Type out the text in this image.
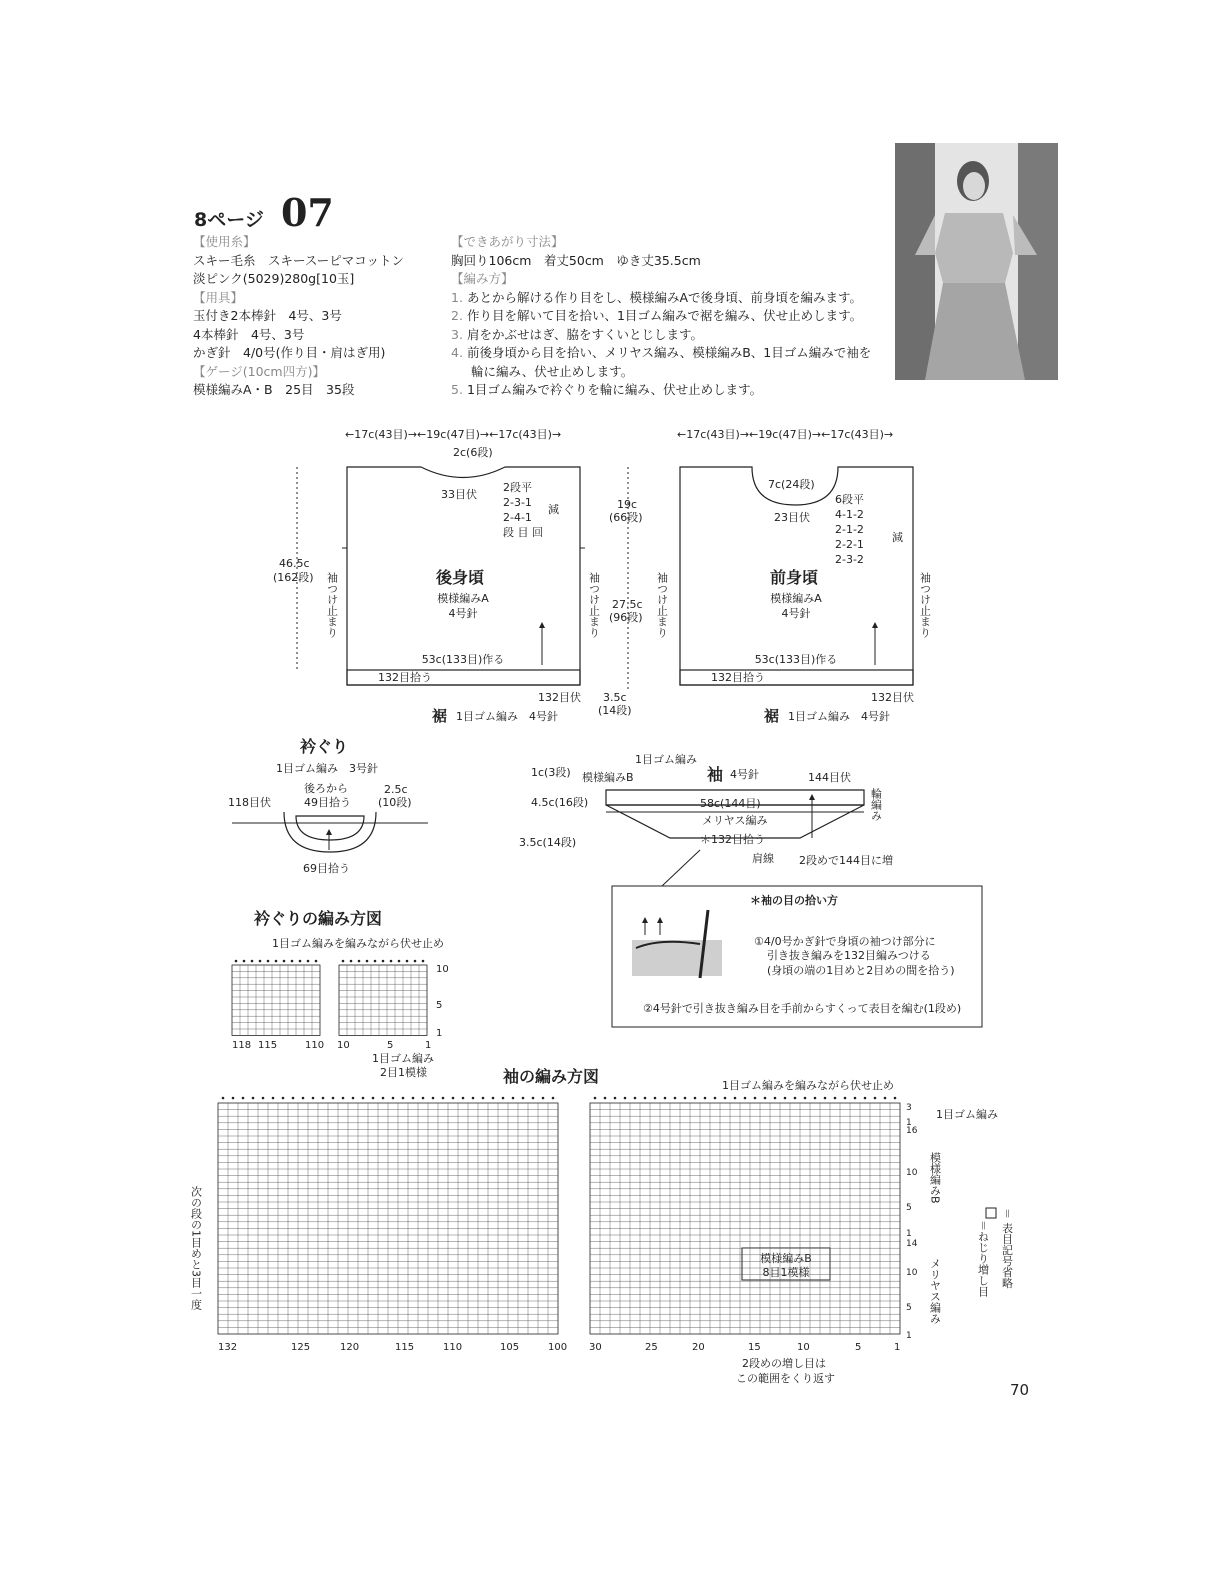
8ページ 07
【使用糸】
スキー毛糸　スキースーピマコットン
淡ピンク(5029)280g[10玉]
【用具】
玉付き2本棒針　4号、3号
4本棒針　4号、3号
かぎ針　4/0号(作り目・肩はぎ用)
【ゲージ(10cm四方)】
模様編みA・B　25目　35段
【できあがり寸法】
胸回り106cm　着丈50cm　ゆき丈35.5cm
【編み方】
1. あとから解ける作り目をし、模様編みAで後身頃、前身頃を編みます。
2. 作り目を解いて目を拾い、1目ゴム編みで裾を編み、伏せ止めします。
3. 肩をかぶせはぎ、脇をすくいとじします。
4. 前後身頃から目を拾い、メリヤス編み、模様編みB、1目ゴム編みで袖を
輪に編み、伏せ止めします。
5. 1目ゴム編みで衿ぐりを輪に編み、伏せ止めします。
←17c(43目)→←19c(47目)→←17c(43目)→
2c(6段)
33目伏
2段平
2-3-1
2-4-1
段 目 回
減
後身頃
模様編みA
4号針
53c(133目)作る
132目拾う
132目伏
裾 1目ゴム編み　4号針
46.5c
(162段) 袖つけ止まり	袖つけ止まり
19c
(66段)
27.5c
(96段)
3.5c
(14段)
←17c(43目)→←19c(47目)→←17c(43目)→
7c(24段)
23目伏
6段平
4-1-2
2-1-2
2-2-1
2-3-2
減
前身頃
模様編みA
4号針
53c(133目)作る
132目拾う
132目伏
裾 1目ゴム編み　4号針
袖つけ止まり	袖つけ止まり
衿ぐり
1目ゴム編み　3号針
後ろから
49目拾う
2.5c
(10段)
118目伏
69目拾う
1目ゴム編み
模様編みB	袖 4号針	144目伏
輪編み
1c(3段)
4.5c(16段)
3.5c(14段)
58c(144目)
メリヤス編み
＊132目拾う
肩線 2段めで144目に増
＊袖の目の拾い方
①4/0号かぎ針で身頃の袖つけ部分に
引き抜き編みを132目編みつける
(身頃の端の1目めと2目めの間を拾う)
②4号針で引き抜き編み目を手前からすくって表目を編む(1段め)
衿ぐりの編み方図
1目ゴム編みを編みながら伏せ止め
118 115	110 10	5	1
10
5
1
1目ゴム編み
2目1模様	袖の編み方図	1目ゴム編みを編みながら伏せ止め
1目ゴム編み
模様編みB
メリヤス編み
次の段の1目めと3目一度	模様編みB
8目1模様
2段めの増し目は
この範囲をくり返す
＝ 表目記号省略
＝ねじり増し目
132	125	120	115	110	105	100 30	25	20	15	10	5	1
3
1
16
10
5
1
14
10
5
1
70
